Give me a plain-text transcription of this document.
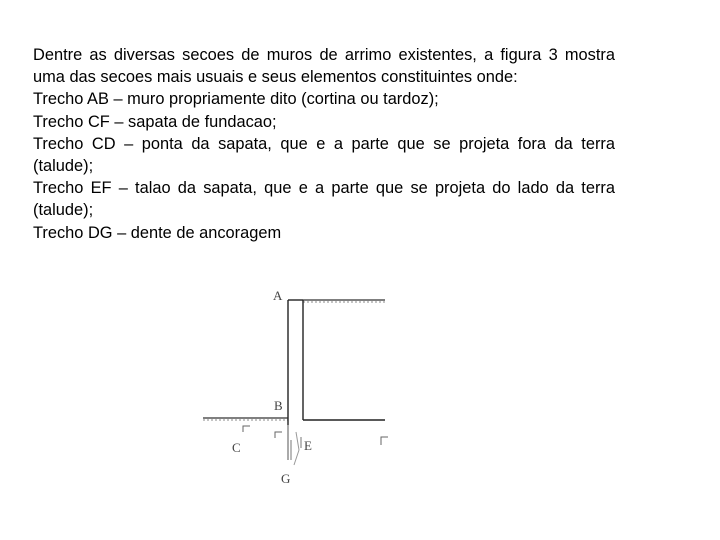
Dentre as diversas secoes de muros de arrimo existentes, a figura 3 mostra uma das secoes mais usuais e seus elementos constituintes onde:

Trecho AB – muro propriamente dito (cortina ou tardoz);

Trecho CF – sapata de fundacao;

Trecho CD – ponta da sapata, que e a parte que se projeta fora da terra (talude);

Trecho EF – talao da sapata, que e a parte que se projeta do lado da terra (talude);

Trecho DG – dente de ancoragem

A
B
C	E
G
